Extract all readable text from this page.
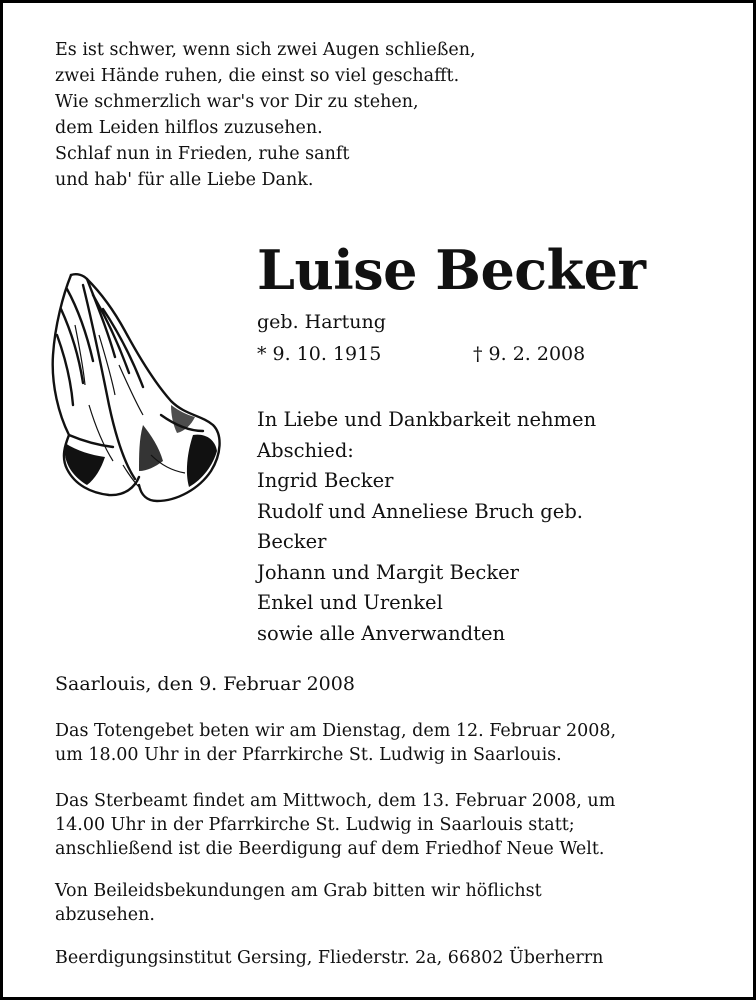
Es ist schwer, wenn sich zwei Augen schließen,
zwei Hände ruhen, die einst so viel geschafft.
Wie schmerzlich war's vor Dir zu stehen,
dem Leiden hilflos zuzusehen.
Schlaf nun in Frieden, ruhe sanft
und hab' für alle Liebe Dank.
Luise Becker
geb. Hartung
* 9. 10. 1915	† 9. 2. 2008
In Liebe und Dankbarkeit nehmen
Abschied:
Ingrid Becker
Rudolf und Anneliese Bruch geb.
Becker
Johann und Margit Becker
Enkel und Urenkel
sowie alle Anverwandten
Saarlouis, den 9. Februar 2008
Das Totengebet beten wir am Dienstag, dem 12. Februar 2008,
um 18.00 Uhr in der Pfarrkirche St. Ludwig in Saarlouis.
Das Sterbeamt findet am Mittwoch, dem 13. Februar 2008, um
14.00 Uhr in der Pfarrkirche St. Ludwig in Saarlouis statt;
anschließend ist die Beerdigung auf dem Friedhof Neue Welt.
Von Beileidsbekundungen am Grab bitten wir höflichst
abzusehen.
Beerdigungsinstitut Gersing, Fliederstr. 2a, 66802 Überherrn
